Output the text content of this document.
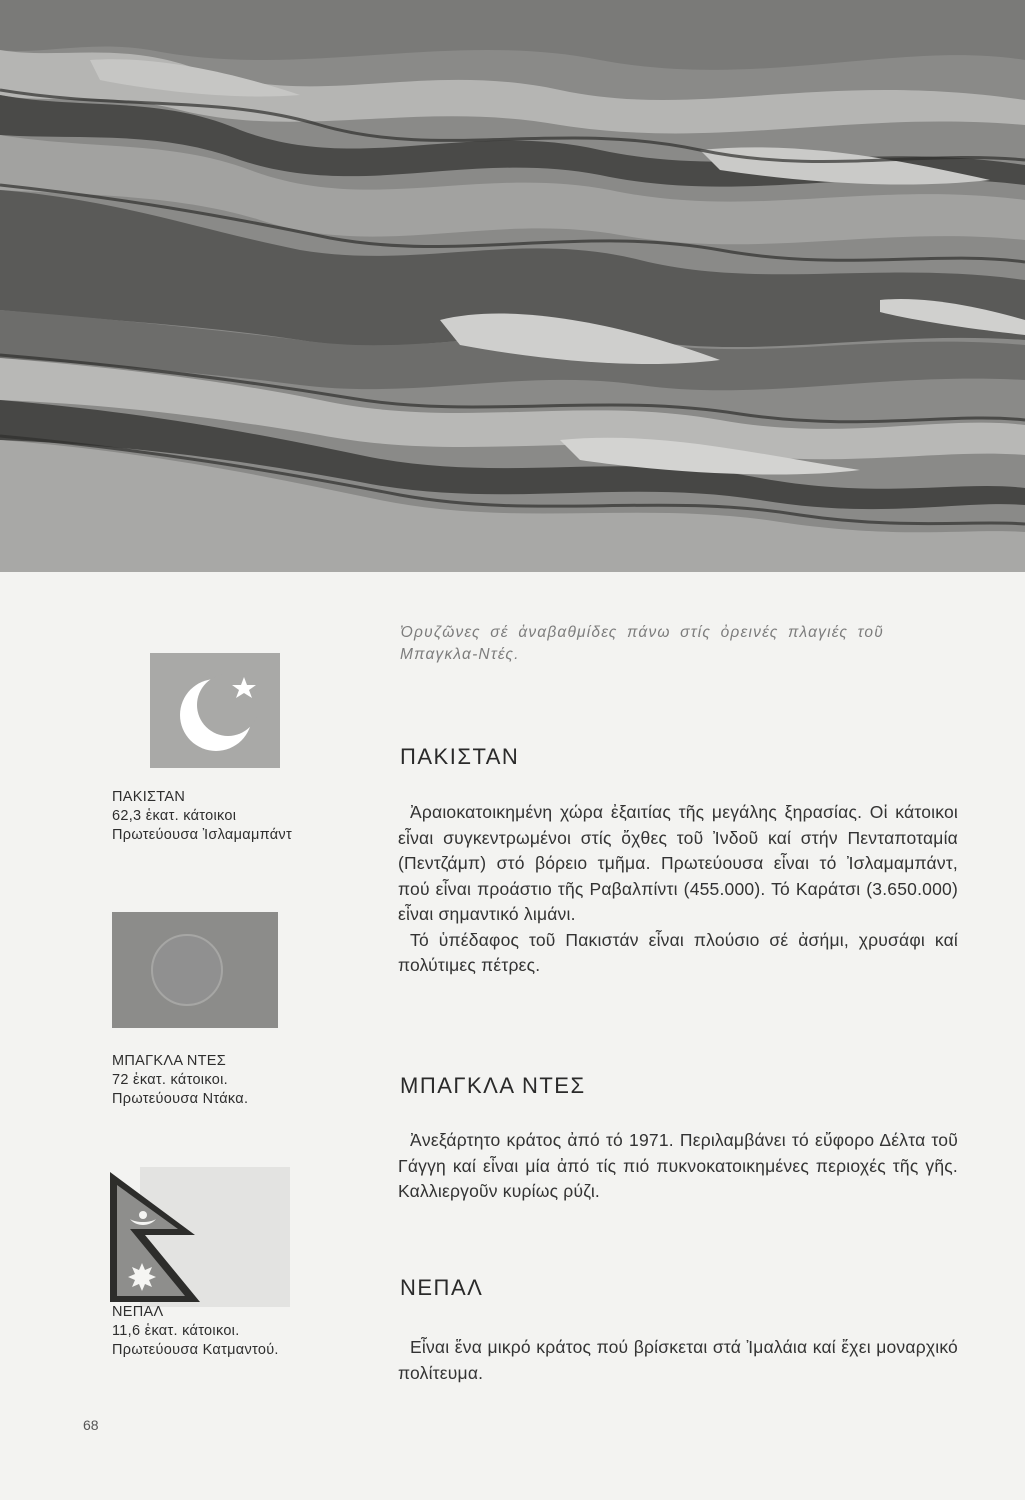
Ὀρυζῶνες σέ ἀναβαθμίδες πάνω στίς ὀρεινές πλαγιές τοῦ Μπαγκλα-Ντές.
ΠΑΚΙΣΤΑΝ
62,3 ἑκατ. κάτοικοι
Πρωτεύουσα Ἰσλαμαμπάντ
ΠΑΚΙΣΤΑΝ

Ἀραιοκατοικημένη χώρα ἐξαιτίας τῆς μεγάλης ξηρασίας. Οἱ κάτοικοι εἶναι συγκεντρωμένοι στίς ὄχθες τοῦ Ἰνδοῦ καί στήν Πενταποταμία (Πεντζάμπ) στό βόρειο τμῆμα. Πρωτεύουσα εἶναι τό Ἰσλαμαμπάντ, πού εἶναι προάστιο τῆς Ραβαλπίντι (455.000). Τό Καράτσι (3.650.000) εἶναι σημαντικό λιμάνι.

Τό ὑπέδαφος τοῦ Πακιστάν εἶναι πλούσιο σέ ἀσήμι, χρυσάφι καί πολύτιμες πέτρες.

ΜΠΑΓΚΛΑ ΝΤΕΣ
72 ἑκατ. κάτοικοι.
Πρωτεύουσα Ντάκα.
ΜΠΑΓΚΛΑ ΝΤΕΣ

Ἀνεξάρτητο κράτος ἀπό τό 1971. Περιλαμβάνει τό εὔφορο Δέλτα τοῦ Γάγγη καί εἶναι μία ἀπό τίς πιό πυκνοκατοικημένες περιοχές τῆς γῆς. Καλλιεργοῦν κυρίως ρύζι.

ΝΕΠΑΛ
11,6 ἑκατ. κάτοικοι.
Πρωτεύουσα Κατμαντού.
ΝΕΠΑΛ

Εἶναι ἕνα μικρό κράτος πού βρίσκεται στά Ἰμαλάια καί ἔχει μοναρχικό πολίτευμα.

68
